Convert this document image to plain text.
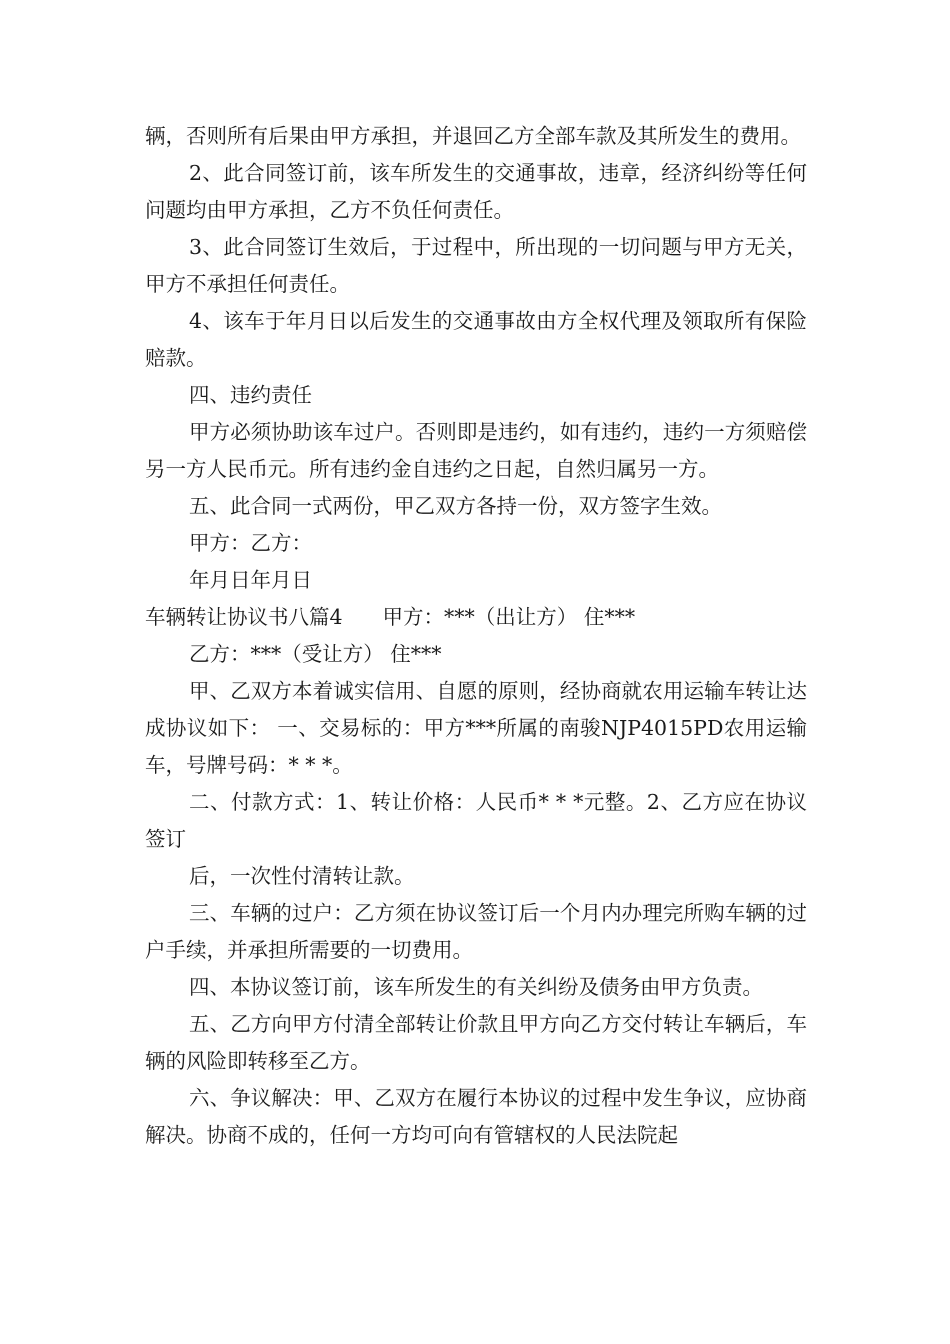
辆，否则所有后果由甲方承担，并退回乙方全部车款及其所发生的费用。

2、此合同签订前，该车所发生的交通事故，违章，经济纠纷等任何问题均由甲方承担，乙方不负任何责任。

3、此合同签订生效后，于过程中，所出现的一切问题与甲方无关，甲方不承担任何责任。

4、该车于年月日以后发生的交通事故由方全权代理及领取所有保险赔款。

四、违约责任

甲方必须协助该车过户。否则即是违约，如有违约，违约一方须赔偿另一方人民币元。所有违约金自违约之日起，自然归属另一方。

五、此合同一式两份，甲乙双方各持一份，双方签字生效。

甲方：乙方：

年月日年月日

车辆转让协议书八篇4 甲方：***（出让方） 住***

乙方：***（受让方） 住***

甲、乙双方本着诚实信用、自愿的原则，经协商就农用运输车转让达成协议如下： 一、交易标的：甲方***所属的南骏NJP4015PD农用运输车，号牌号码：* * *。

二、付款方式：1、转让价格：人民币* * *元整。2、乙方应在协议签订

后，一次性付清转让款。

三、车辆的过户：乙方须在协议签订后一个月内办理完所购车辆的过户手续，并承担所需要的一切费用。

四、本协议签订前，该车所发生的有关纠纷及债务由甲方负责。

五、乙方向甲方付清全部转让价款且甲方向乙方交付转让车辆后，车辆的风险即转移至乙方。

六、争议解决：甲、乙双方在履行本协议的过程中发生争议，应协商解决。协商不成的，任何一方均可向有管辖权的人民法院起
